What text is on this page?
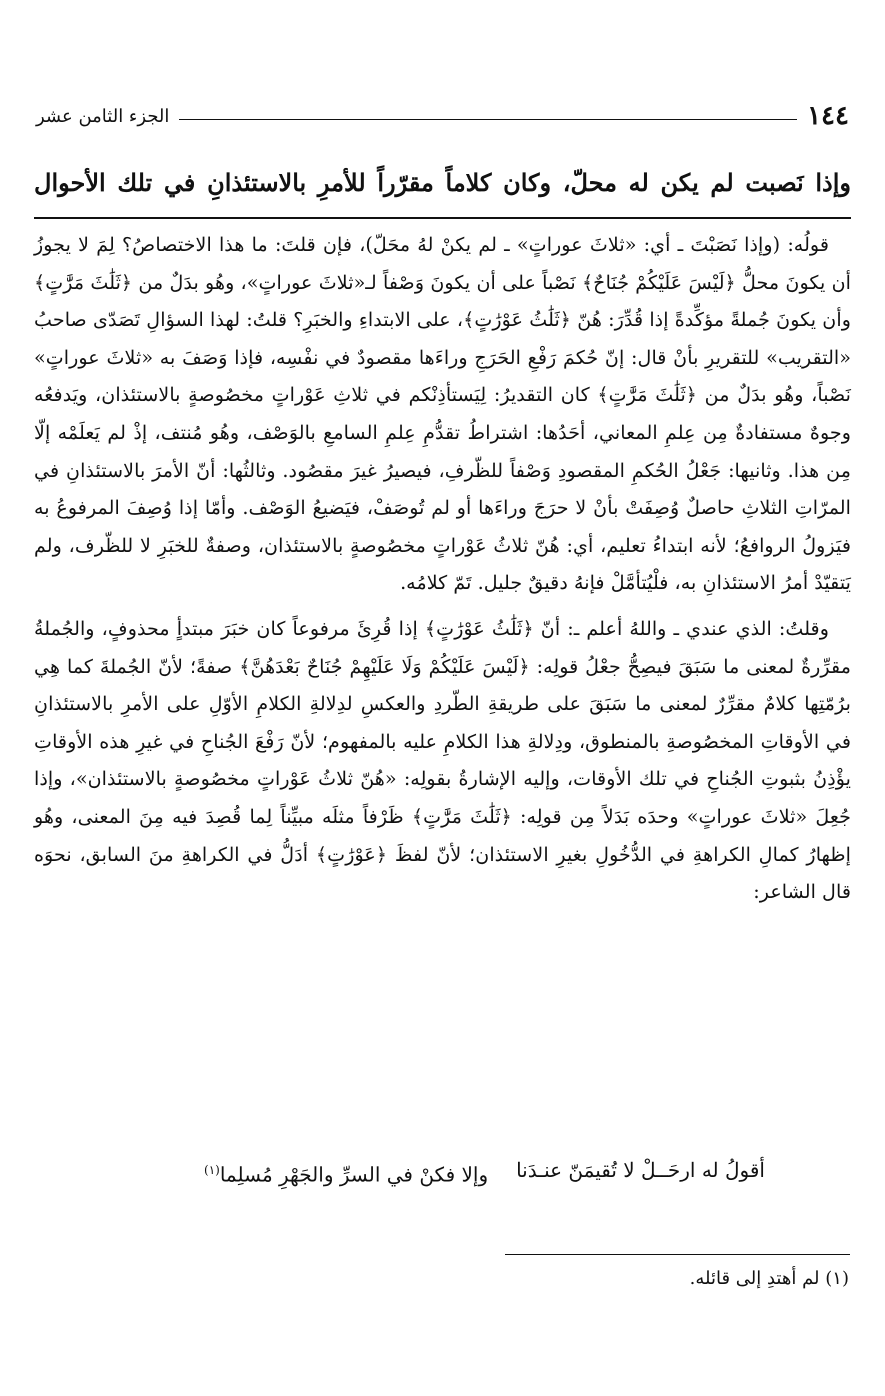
الجزء الثامن عشر	١٤٤
وإذا نَصبت لم يكن له محلّ، وكان كلاماً مقرّراً للأمرِ بالاستئذانِ في تلك الأحوال

قولُه: (وإذا نَصَبْتَ ـ أي: «ثلاثَ عوراتٍ» ـ لم يكنْ لهُ محَلّ)، فإن قلتَ: ما هذا الاختصاصُ؟ لِمَ لا يجوزُ أن يكونَ محلُّ ﴿لَيْسَ عَلَيْكُمْ جُنَاحٌ﴾ نَصْباً على أن يكونَ وَصْفاً لـ«ثلاثَ عوراتٍ»، وهُو بدَلٌ من ﴿ثَلَٰثَ مَرَّٰتٍ﴾ وأن يكونَ جُملةً مؤكِّدةً إذا قُدِّرَ: هُنّ ﴿ثَلَٰثُ عَوْرَٰتٍ﴾، على الابتداءِ والخبَرِ؟ قلتُ: لهذا السؤالِ تَصَدّى صاحبُ «التقريب» للتقريرِ بأنْ قال: إنّ حُكمَ رَفْعِ الحَرَجِ وراءَها مقصودٌ في نفْسِه، فإذا وَصَفَ به «ثلاثَ عوراتٍ» نَصْباً، وهُو بدَلٌ من ﴿ثَلَٰثَ مَرَّٰتٍ﴾ كان التقديرُ: لِيَستأذِنْكم في ثلاثِ عَوْراتٍ مخصُوصةٍ بالاستئذان، ويَدفعُه وجوهٌ مستفادةٌ مِن عِلمِ المعاني، أحَدُها: اشتراطُ تقدُّمِ عِلمِ السامعِ بالوَصْف، وهُو مُنتف، إذْ لم يَعلَمْه إلّا مِن هذا. وثانيها: جَعْلُ الحُكمِ المقصودِ وَصْفاً للظّرفِ، فيصيرُ غيرَ مقصُود. وثالثُها: أنّ الأمرَ بالاستئذانِ في المرّاتِ الثلاثِ حاصلٌ وُصِفَتْ بأنْ لا حرَجَ وراءَها أو لم تُوصَفْ، فيَضيعُ الوَصْف. وأمّا إذا وُصِفَ المرفوعُ به فيَزولُ الروافعُ؛ لأنه ابتداءُ تعليم، أي: هُنّ ثلاثُ عَوْراتٍ مخصُوصةٍ بالاستئذان، وصفةٌ للخبَرِ لا للظّرف، ولم يَتقيّدْ أمرُ الاستئذانِ به، فلْيُتأمَّلْ فإنهُ دقيقٌ جليل. تَمّ كلامُه.

وقلتُ: الذي عندي ـ واللهُ أعلم ـ: أنّ ﴿ثَلَٰثُ عَوْرَٰتٍ﴾ إذا قُرِئَ مرفوعاً كان خبَرَ مبتدأٍ محذوفٍ، والجُملةُ مقرِّرةٌ لمعنى ما سَبَقَ فيصِحُّ جعْلُ قولِه: ﴿لَيْسَ عَلَيْكُمْ وَلَا عَلَيْهِمْ جُنَاحٌ بَعْدَهُنَّ﴾ صفةً؛ لأنّ الجُملةَ كما هِي برُمّتِها كلامٌ مقرِّرٌ لمعنى ما سَبَقَ على طريقةِ الطّردِ والعكسِ لدِلالةِ الكلامِ الأوّلِ على الأمرِ بالاستئذانِ في الأوقاتِ المخصُوصةِ بالمنطوق، ودِلالةِ هذا الكلامِ عليه بالمفهوم؛ لأنّ رَفْعَ الجُناحِ في غيرِ هذه الأوقاتِ يؤْذِنُ بثبوتِ الجُناحِ في تلك الأوقات، وإليه الإشارةُ بقولِه: «هُنّ ثلاثُ عَوْراتٍ مخصُوصةٍ بالاستئذان»، وإذا جُعِلَ «ثلاثَ عوراتٍ» وحدَه بَدَلاً مِن قولِه: ﴿ثَلَٰثَ مَرَّٰتٍ﴾ ظَرْفاً مثلَه مبيِّناً لِما قُصِدَ فيه مِنَ المعنى، وهُو إظهارُ كمالِ الكراهةِ في الدُّخُولِ بغيرِ الاستئذان؛ لأنّ لفظَ ﴿عَوْرَٰتٍ﴾ أدَلُّ في الكراهةِ منَ السابق، نحوَه قال الشاعر:

أقولُ له ارحَــلْ لا تُقيمَنّ عنـدَنا
وإلا فكنْ في السرِّ والجَهْرِ مُسلِما$^{(١)}$
(١) لم أهتدِ إلى قائله.
